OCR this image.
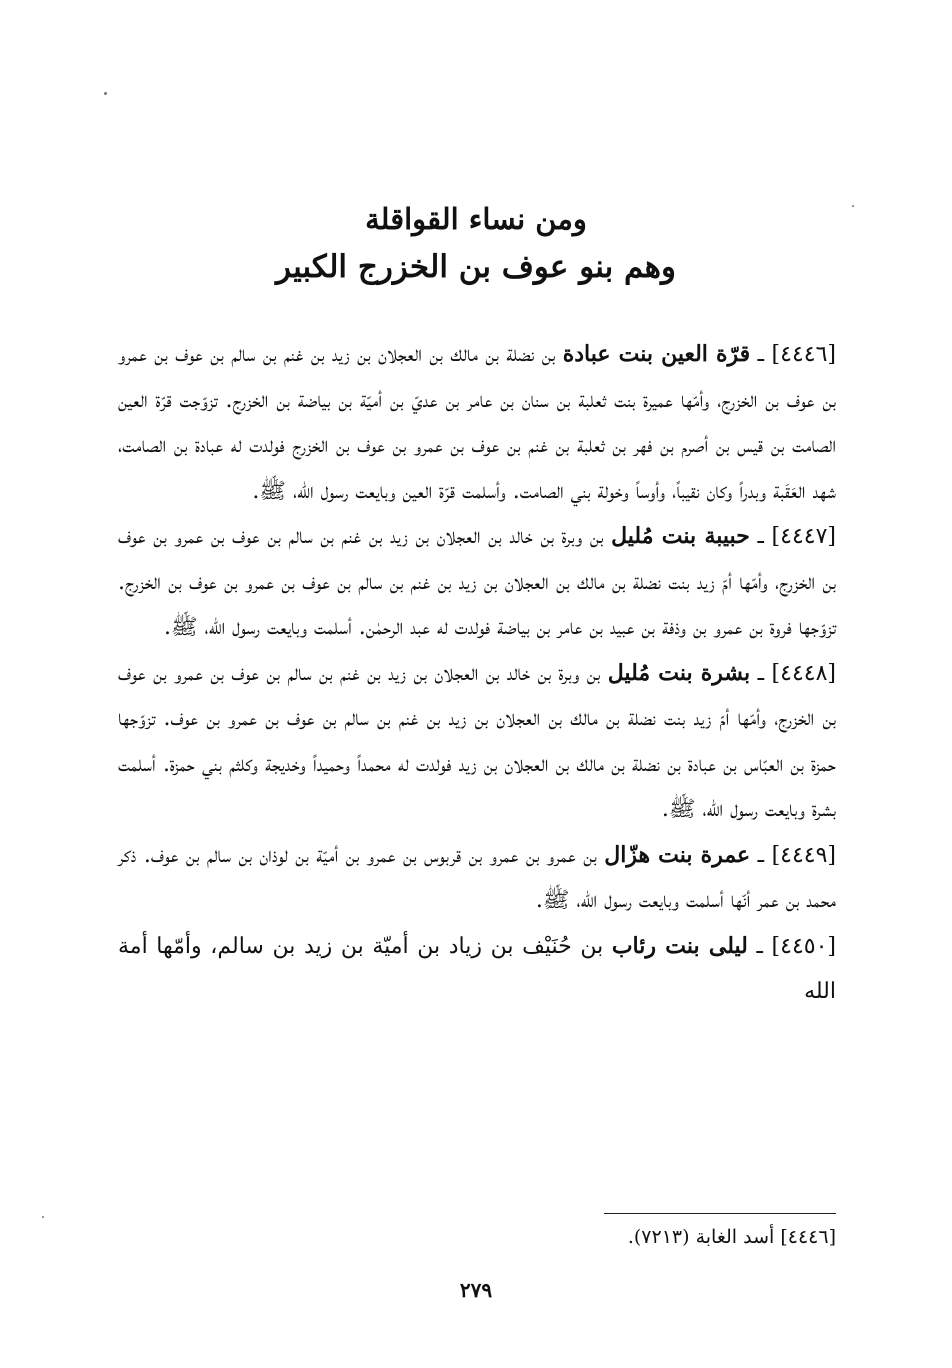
ومن نساء القواقلة
وهم بنو عوف بن الخزرج الكبير

[٤٤٤٦] ـ قرّة العين بنت عبادة بن نضلة بن مالك بن العجلان بن زيد بن غنم بن سالم بن عوف بن عمرو بن عوف بن الخزرج، وأمّها عميرة بنت ثعلبة بن سنان بن عامر بن عديّ بن أميّة بن بياضة بن الخزرج. تزوّجت قرّة العين الصامت بن قيس بن أصرم بن فهر بن ثعلبة بن غنم بن عوف بن عمرو بن عوف بن الخزرج فولدت له عبادة بن الصامت، شهد العَقَبة وبدراً وكان نقيباً، وأوساً وخولة بني الصامت. وأسلمت قرّة العين وبايعت رسول الله، ﷺ.

[٤٤٤٧] ـ حبيبة بنت مُليل بن وبرة بن خالد بن العجلان بن زيد بن غنم بن سالم بن عوف بن عمرو بن عوف بن الخزرج، وأمّها أمّ زيد بنت نضلة بن مالك بن العجلان بن زيد بن غنم بن سالم بن عوف بن عمرو بن عوف بن الخزرج. تزوّجها فروة بن عمرو بن وذفة بن عبيد بن عامر بن بياضة فولدت له عبد الرحمٰن. أسلمت وبايعت رسول الله، ﷺ.

[٤٤٤٨] ـ بشرة بنت مُليل بن وبرة بن خالد بن العجلان بن زيد بن غنم بن سالم بن عوف بن عمرو بن عوف بن الخزرج، وأمّها أمّ زيد بنت نضلة بن مالك بن العجلان بن زيد بن غنم بن سالم بن عوف بن عمرو بن عوف. تزوّجها حمزة بن العبّاس بن عبادة بن نضلة بن مالك بن العجلان بن زيد فولدت له محمداً وحميداً وخديجة وكلثم بني حمزة. أسلمت بشرة وبايعت رسول الله، ﷺ.

[٤٤٤٩] ـ عمرة بنت هزّال بن عمرو بن عمرو بن قربوس بن عمرو بن أميّة بن لوذان بن سالم بن عوف. ذكر محمد بن عمر أنّها أسلمت وبايعت رسول الله، ﷺ.

[٤٤٥٠] ـ ليلى بنت رئاب بن حُنَيْف بن زياد بن أميّة بن زيد بن سالم، وأمّها أمة الله

[٤٤٤٦] أسد الغابة (٧٢١٣).
٢٧٩
